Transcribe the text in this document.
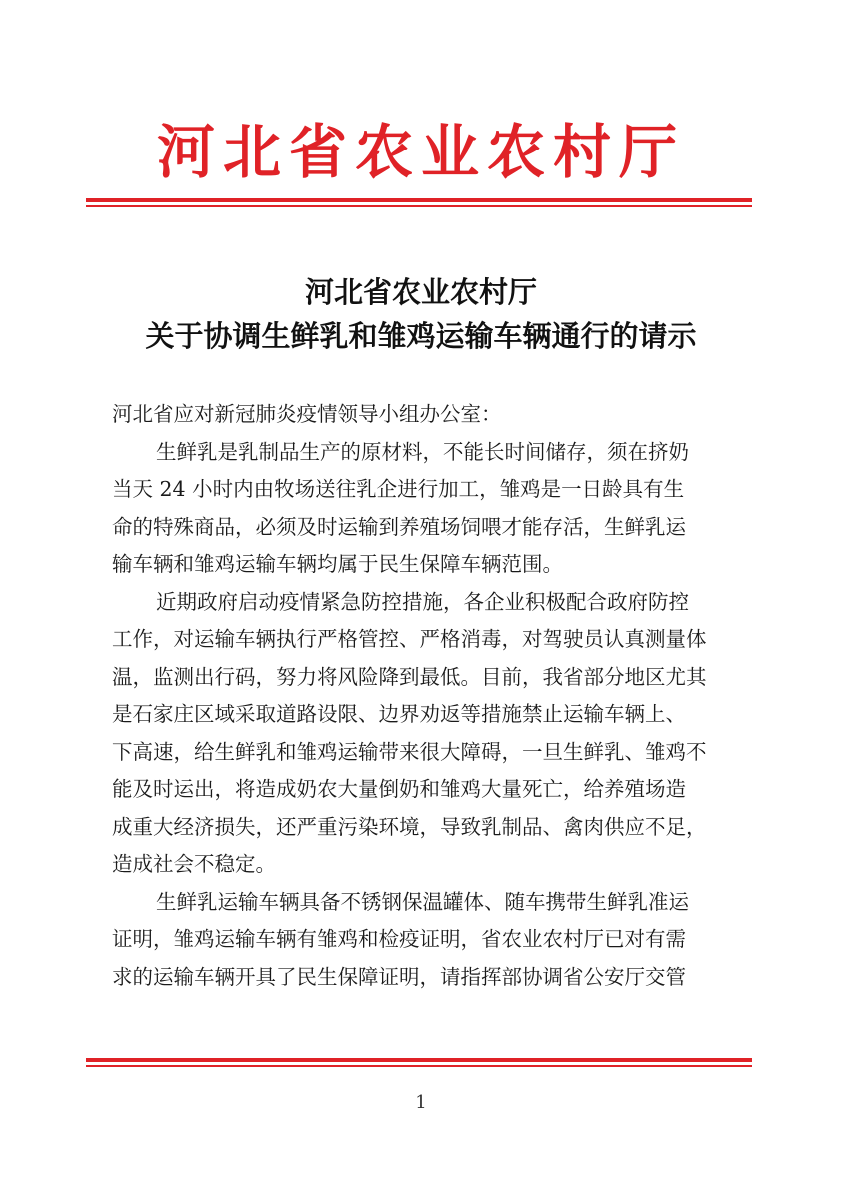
河北省农业农村厅
河北省农业农村厅
关于协调生鲜乳和雏鸡运输车辆通行的请示
河北省应对新冠肺炎疫情领导小组办公室：
生鲜乳是乳制品生产的原材料，不能长时间储存，须在挤奶
当天 24 小时内由牧场送往乳企进行加工，雏鸡是一日龄具有生
命的特殊商品，必须及时运输到养殖场饲喂才能存活，生鲜乳运
输车辆和雏鸡运输车辆均属于民生保障车辆范围。
近期政府启动疫情紧急防控措施，各企业积极配合政府防控
工作，对运输车辆执行严格管控、严格消毒，对驾驶员认真测量体
温，监测出行码，努力将风险降到最低。目前，我省部分地区尤其
是石家庄区域采取道路设限、边界劝返等措施禁止运输车辆上、
下高速，给生鲜乳和雏鸡运输带来很大障碍，一旦生鲜乳、雏鸡不
能及时运出，将造成奶农大量倒奶和雏鸡大量死亡，给养殖场造
成重大经济损失，还严重污染环境，导致乳制品、禽肉供应不足，
造成社会不稳定。
生鲜乳运输车辆具备不锈钢保温罐体、随车携带生鲜乳准运
证明，雏鸡运输车辆有雏鸡和检疫证明，省农业农村厅已对有需
求的运输车辆开具了民生保障证明，请指挥部协调省公安厅交管
1
